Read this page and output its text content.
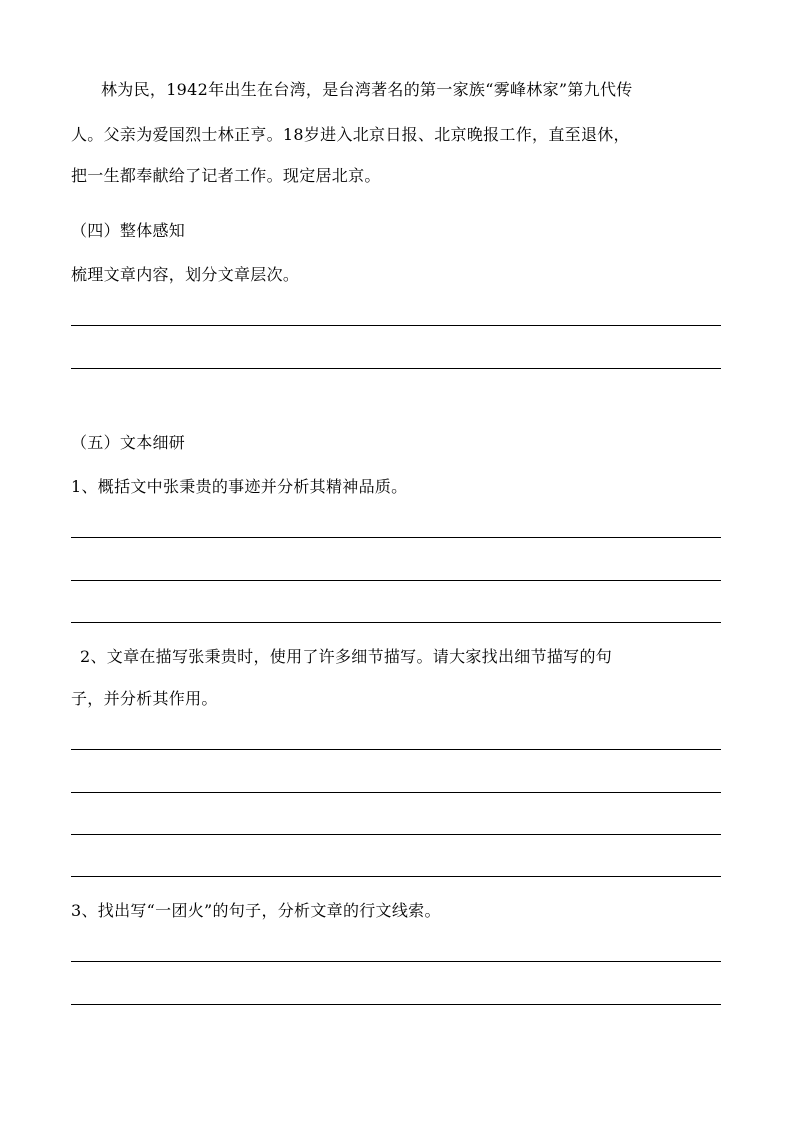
林为民，1942年出生在台湾，是台湾著名的第一家族“雾峰林家”第九代传
人。父亲为爱国烈士林正亨。18岁进入北京日报、北京晚报工作，直至退休，
把一生都奉献给了记者工作。现定居北京。
（四）整体感知
梳理文章内容，划分文章层次。
（五）文本细研
1、概括文中张秉贵的事迹并分析其精神品质。
2、文章在描写张秉贵时，使用了许多细节描写。请大家找出细节描写的句
子，并分析其作用。
3、找出写“一团火”的句子，分析文章的行文线索。
